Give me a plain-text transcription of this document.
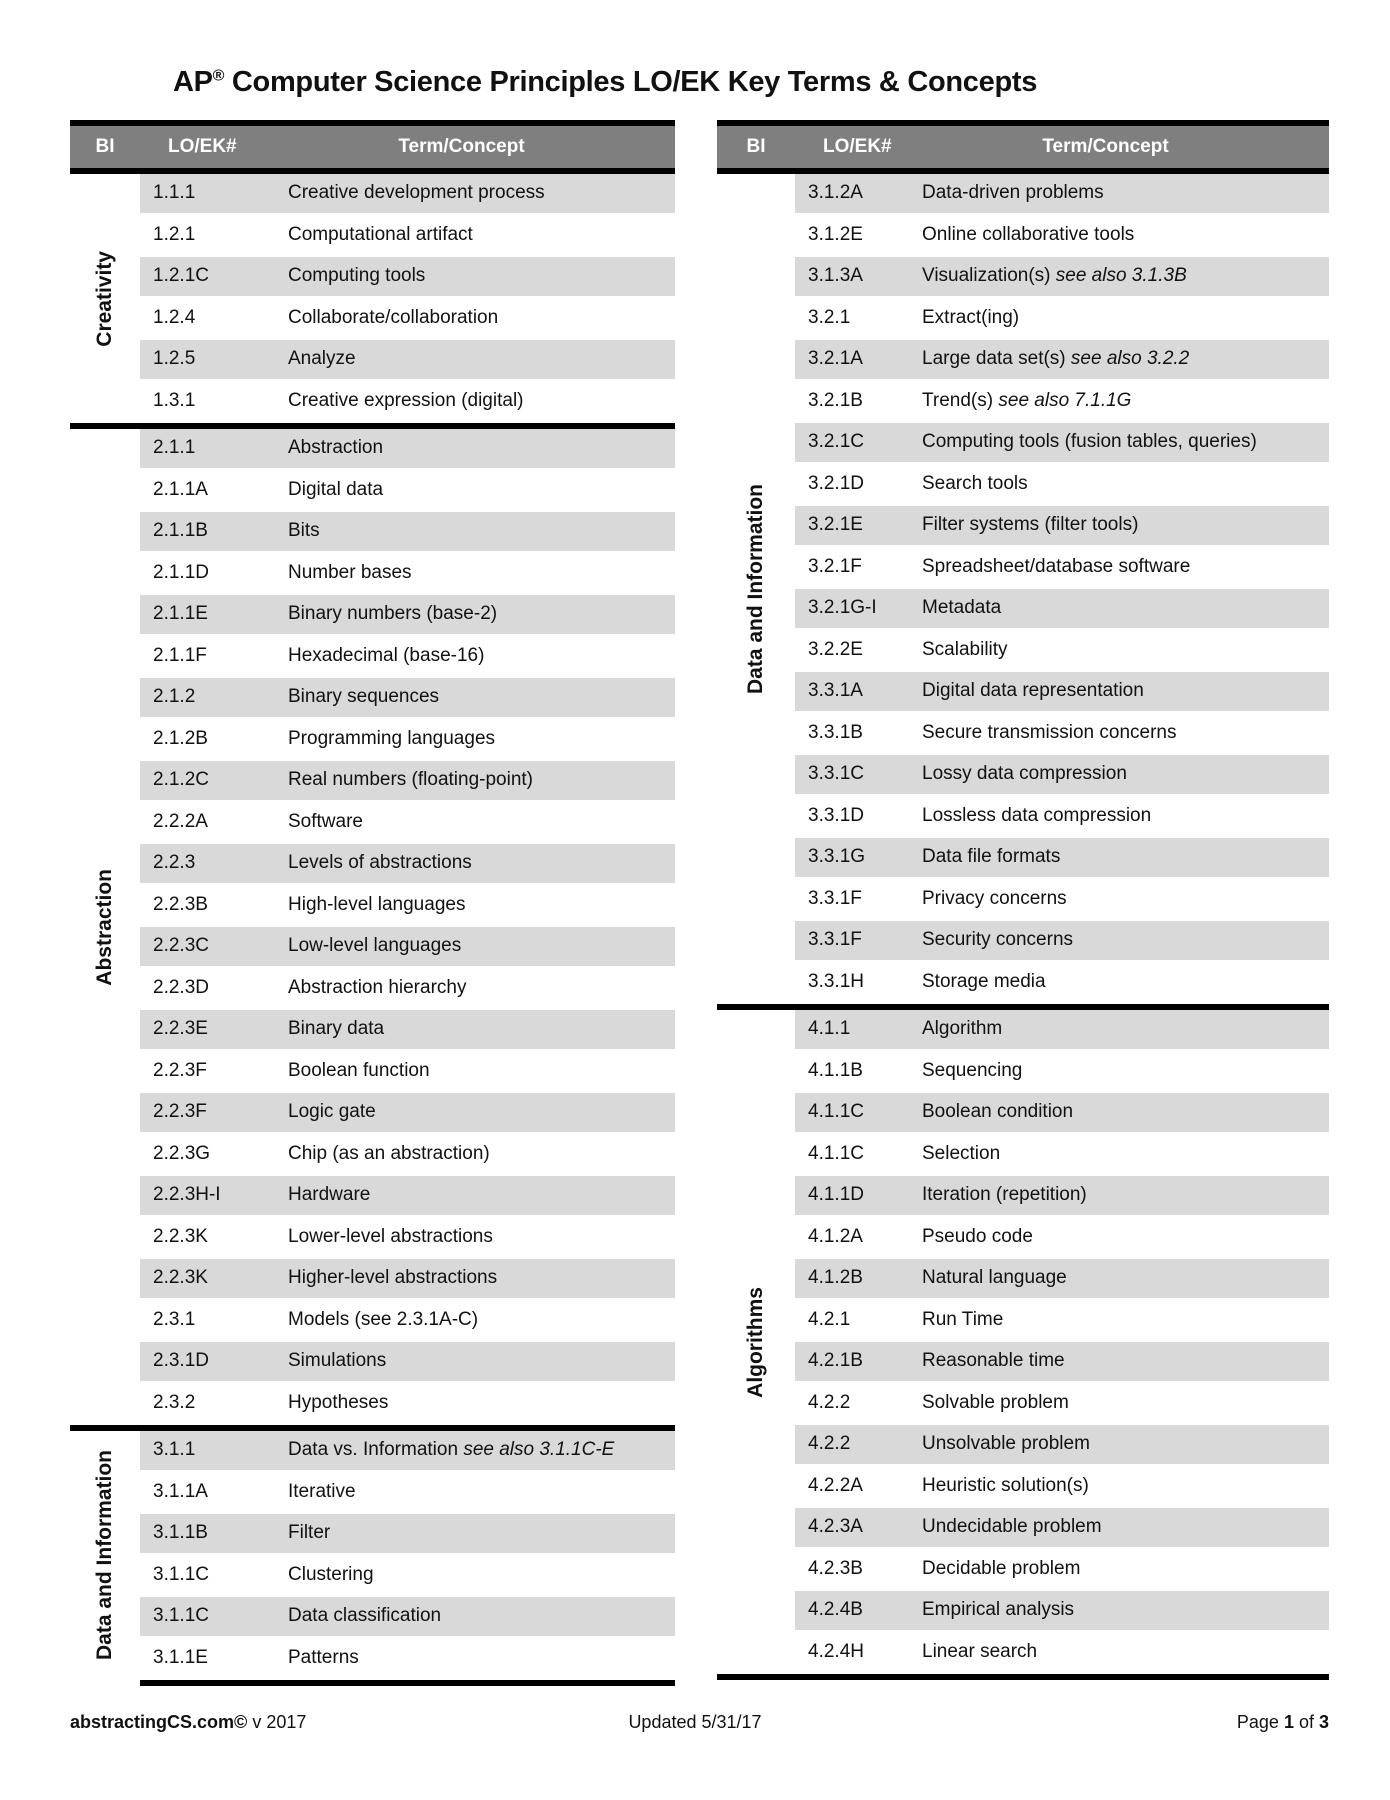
AP® Computer Science Principles LO/EK Key Terms & Concepts
BI	LO/EK#	Term/Concept
Creativity
1.1.1	Creative development process
1.2.1	Computational artifact
1.2.1C	Computing tools
1.2.4	Collaborate/collaboration
1.2.5	Analyze
1.3.1	Creative expression (digital)
Abstraction
2.1.1	Abstraction
2.1.1A	Digital data
2.1.1B	Bits
2.1.1D	Number bases
2.1.1E	Binary numbers (base-2)
2.1.1F	Hexadecimal (base-16)
2.1.2	Binary sequences
2.1.2B	Programming languages
2.1.2C	Real numbers (floating-point)
2.2.2A	Software
2.2.3	Levels of abstractions
2.2.3B	High-level languages
2.2.3C	Low-level languages
2.2.3D	Abstraction hierarchy
2.2.3E	Binary data
2.2.3F	Boolean function
2.2.3F	Logic gate
2.2.3G	Chip (as an abstraction)
2.2.3H-I	Hardware
2.2.3K	Lower-level abstractions
2.2.3K	Higher-level abstractions
2.3.1	Models (see 2.3.1A-C)
2.3.1D	Simulations
2.3.2	Hypotheses
Data and Information
3.1.1	Data vs. Information see also 3.1.1C-E
3.1.1A	Iterative
3.1.1B	Filter
3.1.1C	Clustering
3.1.1C	Data classification
3.1.1E	Patterns
BI	LO/EK#	Term/Concept
Data and Information
3.1.2A	Data-driven problems
3.1.2E	Online collaborative tools
3.1.3A	Visualization(s) see also 3.1.3B
3.2.1	Extract(ing)
3.2.1A	Large data set(s) see also 3.2.2
3.2.1B	Trend(s) see also 7.1.1G
3.2.1C	Computing tools (fusion tables, queries)
3.2.1D	Search tools
3.2.1E	Filter systems (filter tools)
3.2.1F	Spreadsheet/database software
3.2.1G-I	Metadata
3.2.2E	Scalability
3.3.1A	Digital data representation
3.3.1B	Secure transmission concerns
3.3.1C	Lossy data compression
3.3.1D	Lossless data compression
3.3.1G	Data file formats
3.3.1F	Privacy concerns
3.3.1F	Security concerns
3.3.1H	Storage media
Algorithms
4.1.1	Algorithm
4.1.1B	Sequencing
4.1.1C	Boolean condition
4.1.1C	Selection
4.1.1D	Iteration (repetition)
4.1.2A	Pseudo code
4.1.2B	Natural language
4.2.1	Run Time
4.2.1B	Reasonable time
4.2.2	Solvable problem
4.2.2	Unsolvable problem
4.2.2A	Heuristic solution(s)
4.2.3A	Undecidable problem
4.2.3B	Decidable problem
4.2.4B	Empirical analysis
4.2.4H	Linear search
abstractingCS.com© v 2017	Updated 5/31/17	Page 1 of 3
